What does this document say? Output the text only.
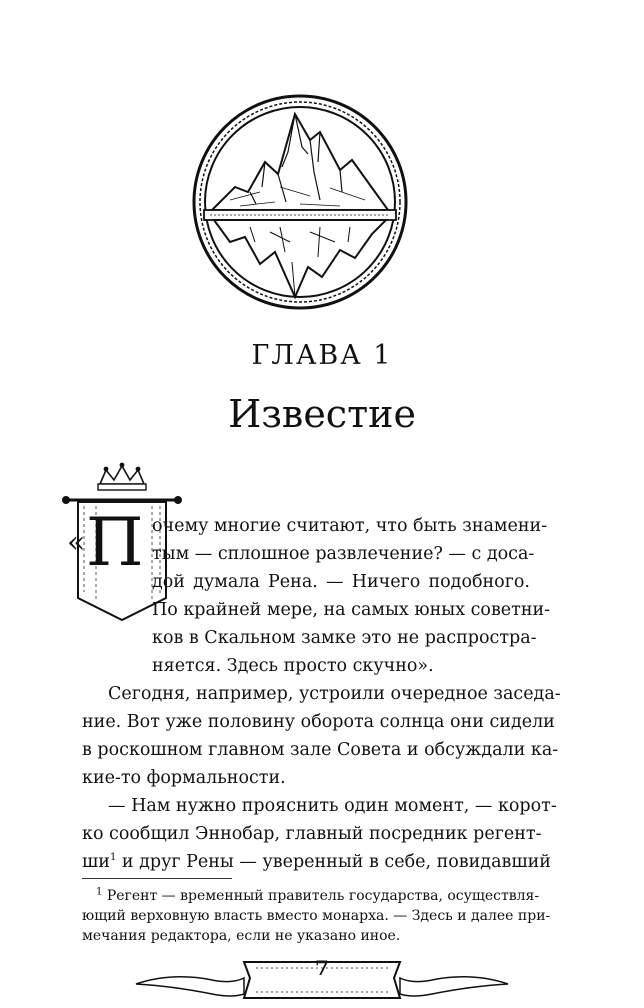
ГЛАВА 1
Известие
« П очему многие считают, что быть знамени-
тым — сплошное развлечение? — с доса-
дой думала Рена. — Ничего подобного.
По крайней мере, на самых юных советни-
ков в Скальном замке это не распростра-
няется. Здесь просто скучно».
Сегодня, например, устроили очередное заседа-
ние. Вот уже половину оборота солнца они сидели
в роскошном главном зале Совета и обсуждали ка-
кие-то формальности.
— Нам нужно прояснить один момент, — корот-
ко сообщил Эннобар, главный посредник регент-
$ши^1$ и друг Рены — уверенный в себе, повидавший
$^1$ Регент — временный правитель государства, осуществля-
ющий верховную власть вместо монарха. — Здесь и далее при-
мечания редактора, если не указано иное.
7
